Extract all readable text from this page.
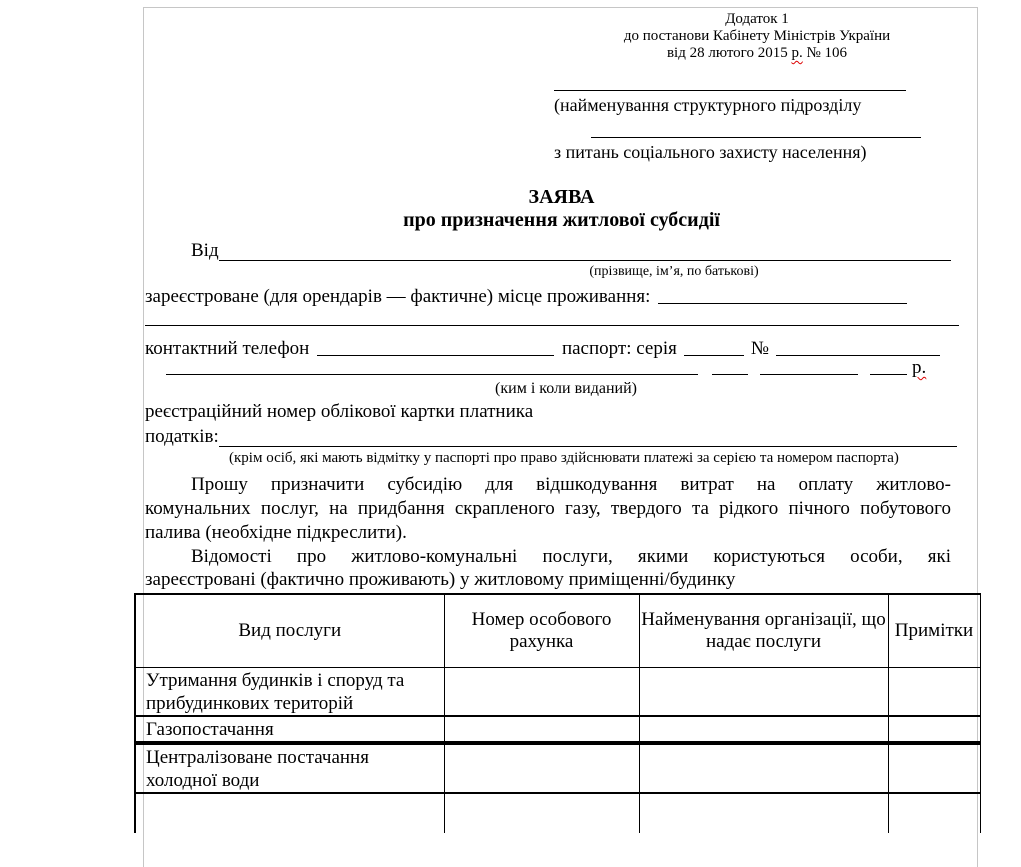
Додаток 1
до постанови Кабінету Міністрів України
від 28 лютого 2015 р. № 106
(найменування структурного підрозділу
з питань соціального захисту населення)
ЗАЯВА
про призначення житлової субсидії
Від
(прізвище, ім’я, по батькові)
зареєстроване (для орендарів — фактичне) місце проживання:
контактний телефон	паспорт: серія	№
р.
(ким і коли виданий)
реєстраційний номер облікової картки платника
податків:
(крім осіб, які мають відмітку у паспорті про право здійснювати платежі за серією та номером паспорта)
Прошу призначити субсидію для відшкодування витрат на оплату житлово-
комунальних послуг, на придбання скрапленого газу, твердого та рідкого пічного побутового
палива (необхідне підкреслити).
Відомості про житлово-комунальні послуги, якими користуються особи, які
зареєстровані (фактично проживають) у житловому приміщенні/будинку
Вид послуги	Номер особового рахунка	Найменування організації, що надає послуги	Примітки
Утримання будинків і споруд та прибудинкових територій			
Газопостачання			
Централізоване постачання холодної води			
